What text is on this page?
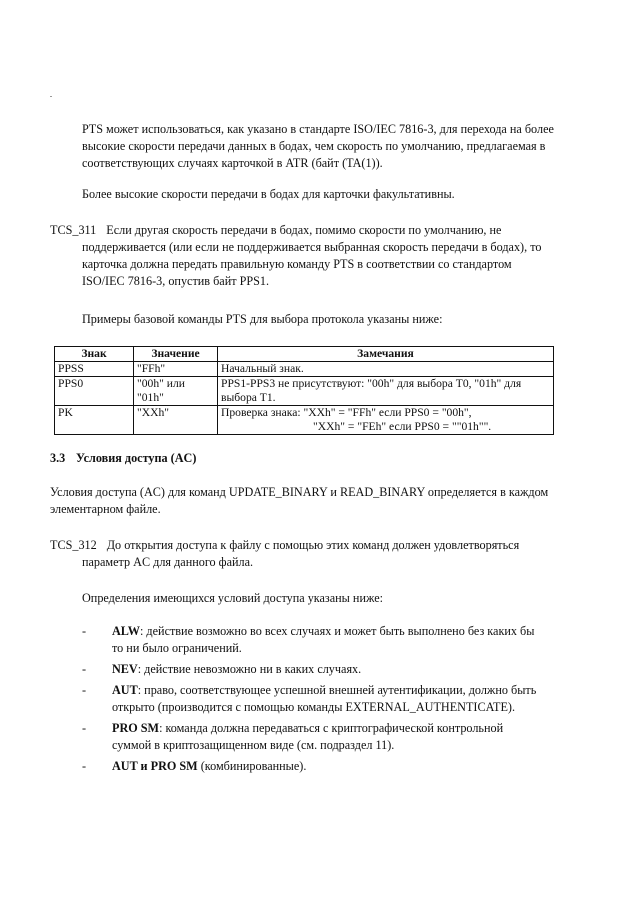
PTS может использоваться, как указано в стандарте ISO/IEC 7816-3, для перехода на более высокие скорости передачи данных в бодах, чем скорость по умолчанию, предлагаемая в соответствующих случаях карточкой в ATR (байт (TA(1)).

Более высокие скорости передачи в бодах для карточки факультативны.

TCS_311 Если другая скорость передачи в бодах, помимо скорости по умолчанию, не поддерживается (или если не поддерживается выбранная скорость передачи в бодах), то карточка должна передать правильную команду PTS в соответствии со стандартом ISO/IEC 7816-3, опустив байт PPS1.

Примеры базовой команды PTS для выбора протокола указаны ниже:

Знак	Значение	Замечания
PPSS	"FFh"	Начальный знак.
PPS0	"00h" или "01h"	PPS1-PPS3 не присутствуют: "00h" для выбора T0, "01h" для выбора T1.
PK	"XXh"	Проверка знака: "XXh" = "FFh" если PPS0 = "00h",
"XXh" = "FEh" если PPS0 = ""01h"".
3.3 Условия доступа (AC)

Условия доступа (AC) для команд UPDATE_BINARY и READ_BINARY определяется в каждом элементарном файле.

TCS_312 До открытия доступа к файлу с помощью этих команд должен удовлетворяться параметр AC для данного файла.

Определения имеющихся условий доступа указаны ниже:

- ALW: действие возможно во всех случаях и может быть выполнено без каких бы то ни было ограничений.
- NEV: действие невозможно ни в каких случаях.
- AUT: право, соответствующее успешной внешней аутентификации, должно быть открыто (производится с помощью команды EXTERNAL_AUTHENTICATE).
- PRO SM: команда должна передаваться с криптографической контрольной суммой в криптозащищенном виде (см. подраздел 11).
- AUT и PRO SM (комбинированные).
